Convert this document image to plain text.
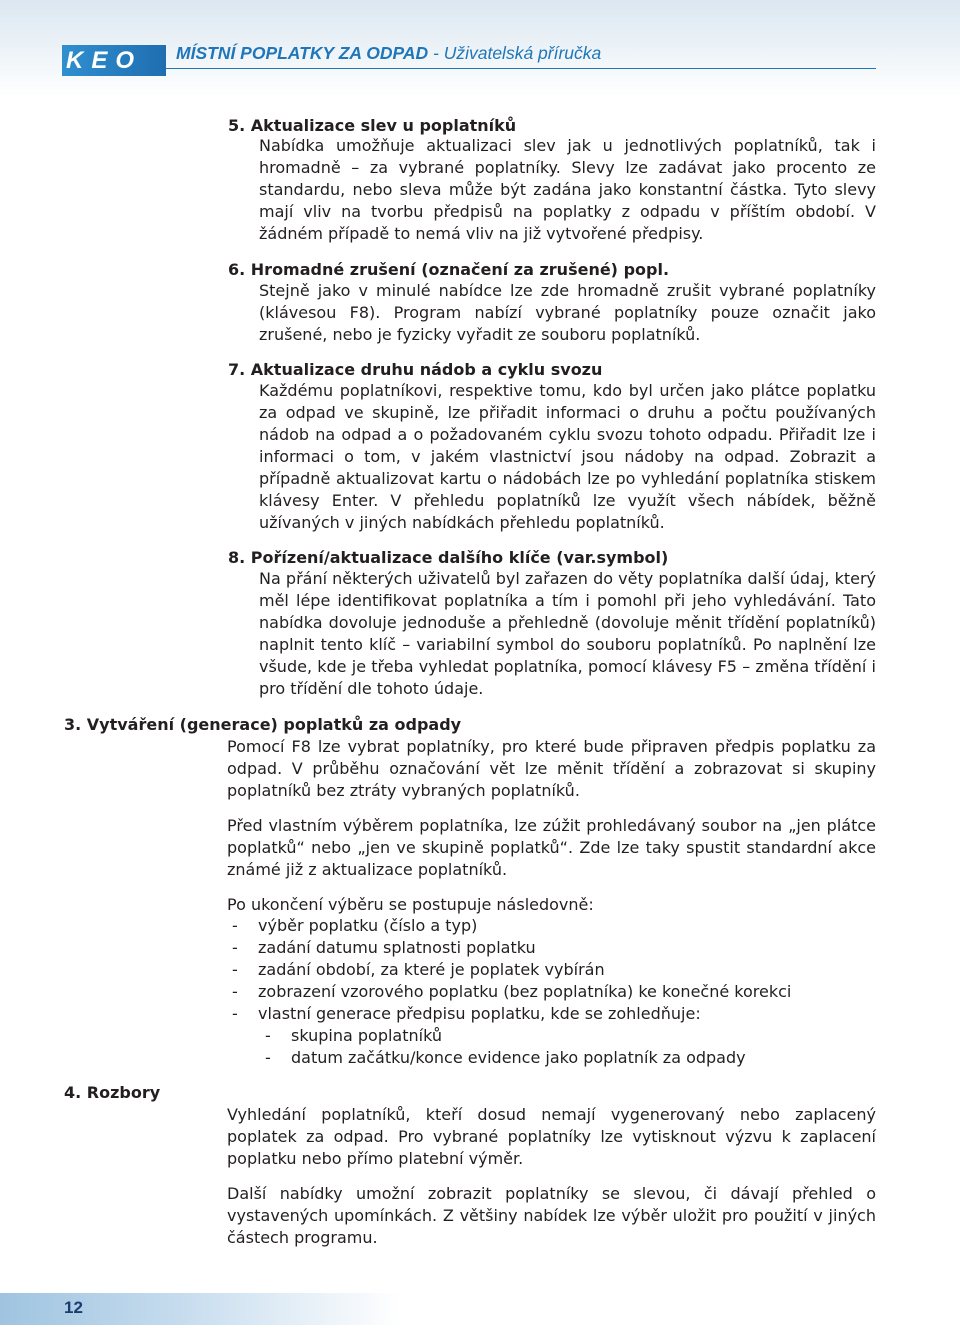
KEO MÍSTNÍ POPLATKY ZA ODPAD - Uživatelská příručka
5. Aktualizace slev u poplatníků

Nabídka umožňuje aktualizaci slev jak u jednotlivých poplatníků, tak i hromadně – za vybrané poplatníky. Slevy lze zadávat jako procento ze standardu, nebo sleva může být zadána jako konstantní částka. Tyto slevy mají vliv na tvorbu předpisů na poplatky z odpadu v příštím období. V žádném případě to nemá vliv na již vytvořené předpisy.

6. Hromadné zrušení (označení za zrušené) popl.

Stejně jako v minulé nabídce lze zde hromadně zrušit vybrané poplatníky (klávesou F8). Program nabízí vybrané poplatníky pouze označit jako zrušené, nebo je fyzicky vyřadit ze souboru poplatníků.

7. Aktualizace druhu nádob a cyklu svozu

Každému poplatníkovi, respektive tomu, kdo byl určen jako plátce poplatku za odpad ve skupině, lze přiřadit informaci o druhu a počtu používaných nádob na odpad a o požadovaném cyklu svozu tohoto odpadu. Přiřadit lze i informaci o tom, v jakém vlastnictví jsou nádoby na odpad. Zobrazit a případně aktualizovat kartu o nádobách lze po vyhledání poplatníka stiskem klávesy Enter. V přehledu poplatníků lze využít všech nábídek, běžně užívaných v jiných nabídkách přehledu poplatníků.

8. Pořízení/aktualizace dalšího klíče (var.symbol)

Na přání některých uživatelů byl zařazen do věty poplatníka další údaj, který měl lépe identifikovat poplatníka a tím i pomohl při jeho vyhledávání. Tato nabídka dovoluje jednoduše a přehledně (dovoluje měnit třídění poplatníků) naplnit tento klíč – variabilní symbol do souboru poplatníků. Po naplnění lze všude, kde je třeba vyhledat poplatníka, pomocí klávesy F5 – změna třídění i pro třídění dle tohoto údaje.

3. Vytváření (generace) poplatků za odpady

Pomocí F8 lze vybrat poplatníky, pro které bude připraven předpis poplatku za odpad. V průběhu označování vět lze měnit třídění a zobrazovat si skupiny poplatníků bez ztráty vybraných poplatníků.

Před vlastním výběrem poplatníka, lze zúžit prohledávaný soubor na „jen plátce poplatků“ nebo „jen ve skupině poplatků“. Zde lze taky spustit standardní akce známé již z aktualizace poplatníků.

Po ukončení výběru se postupuje následovně:

- výběr poplatku (číslo a typ)
- zadání datumu splatnosti poplatku
- zadání období, za které je poplatek vybírán
- zobrazení vzorového poplatku (bez poplatníka) ke konečné korekci
- vlastní generace předpisu poplatku, kde se zohledňuje:
- skupina poplatníků
- datum začátku/konce evidence jako poplatník za odpady
4. Rozbory

Vyhledání poplatníků, kteří dosud nemají vygenerovaný nebo zaplacený poplatek za odpad. Pro vybrané poplatníky lze vytisknout výzvu k zaplacení poplatku nebo přímo platební výměr.

Další nabídky umožní zobrazit poplatníky se slevou, či dávají přehled o vystavených upomínkách. Z většiny nabídek lze výběr uložit pro použití v jiných částech programu.

12
